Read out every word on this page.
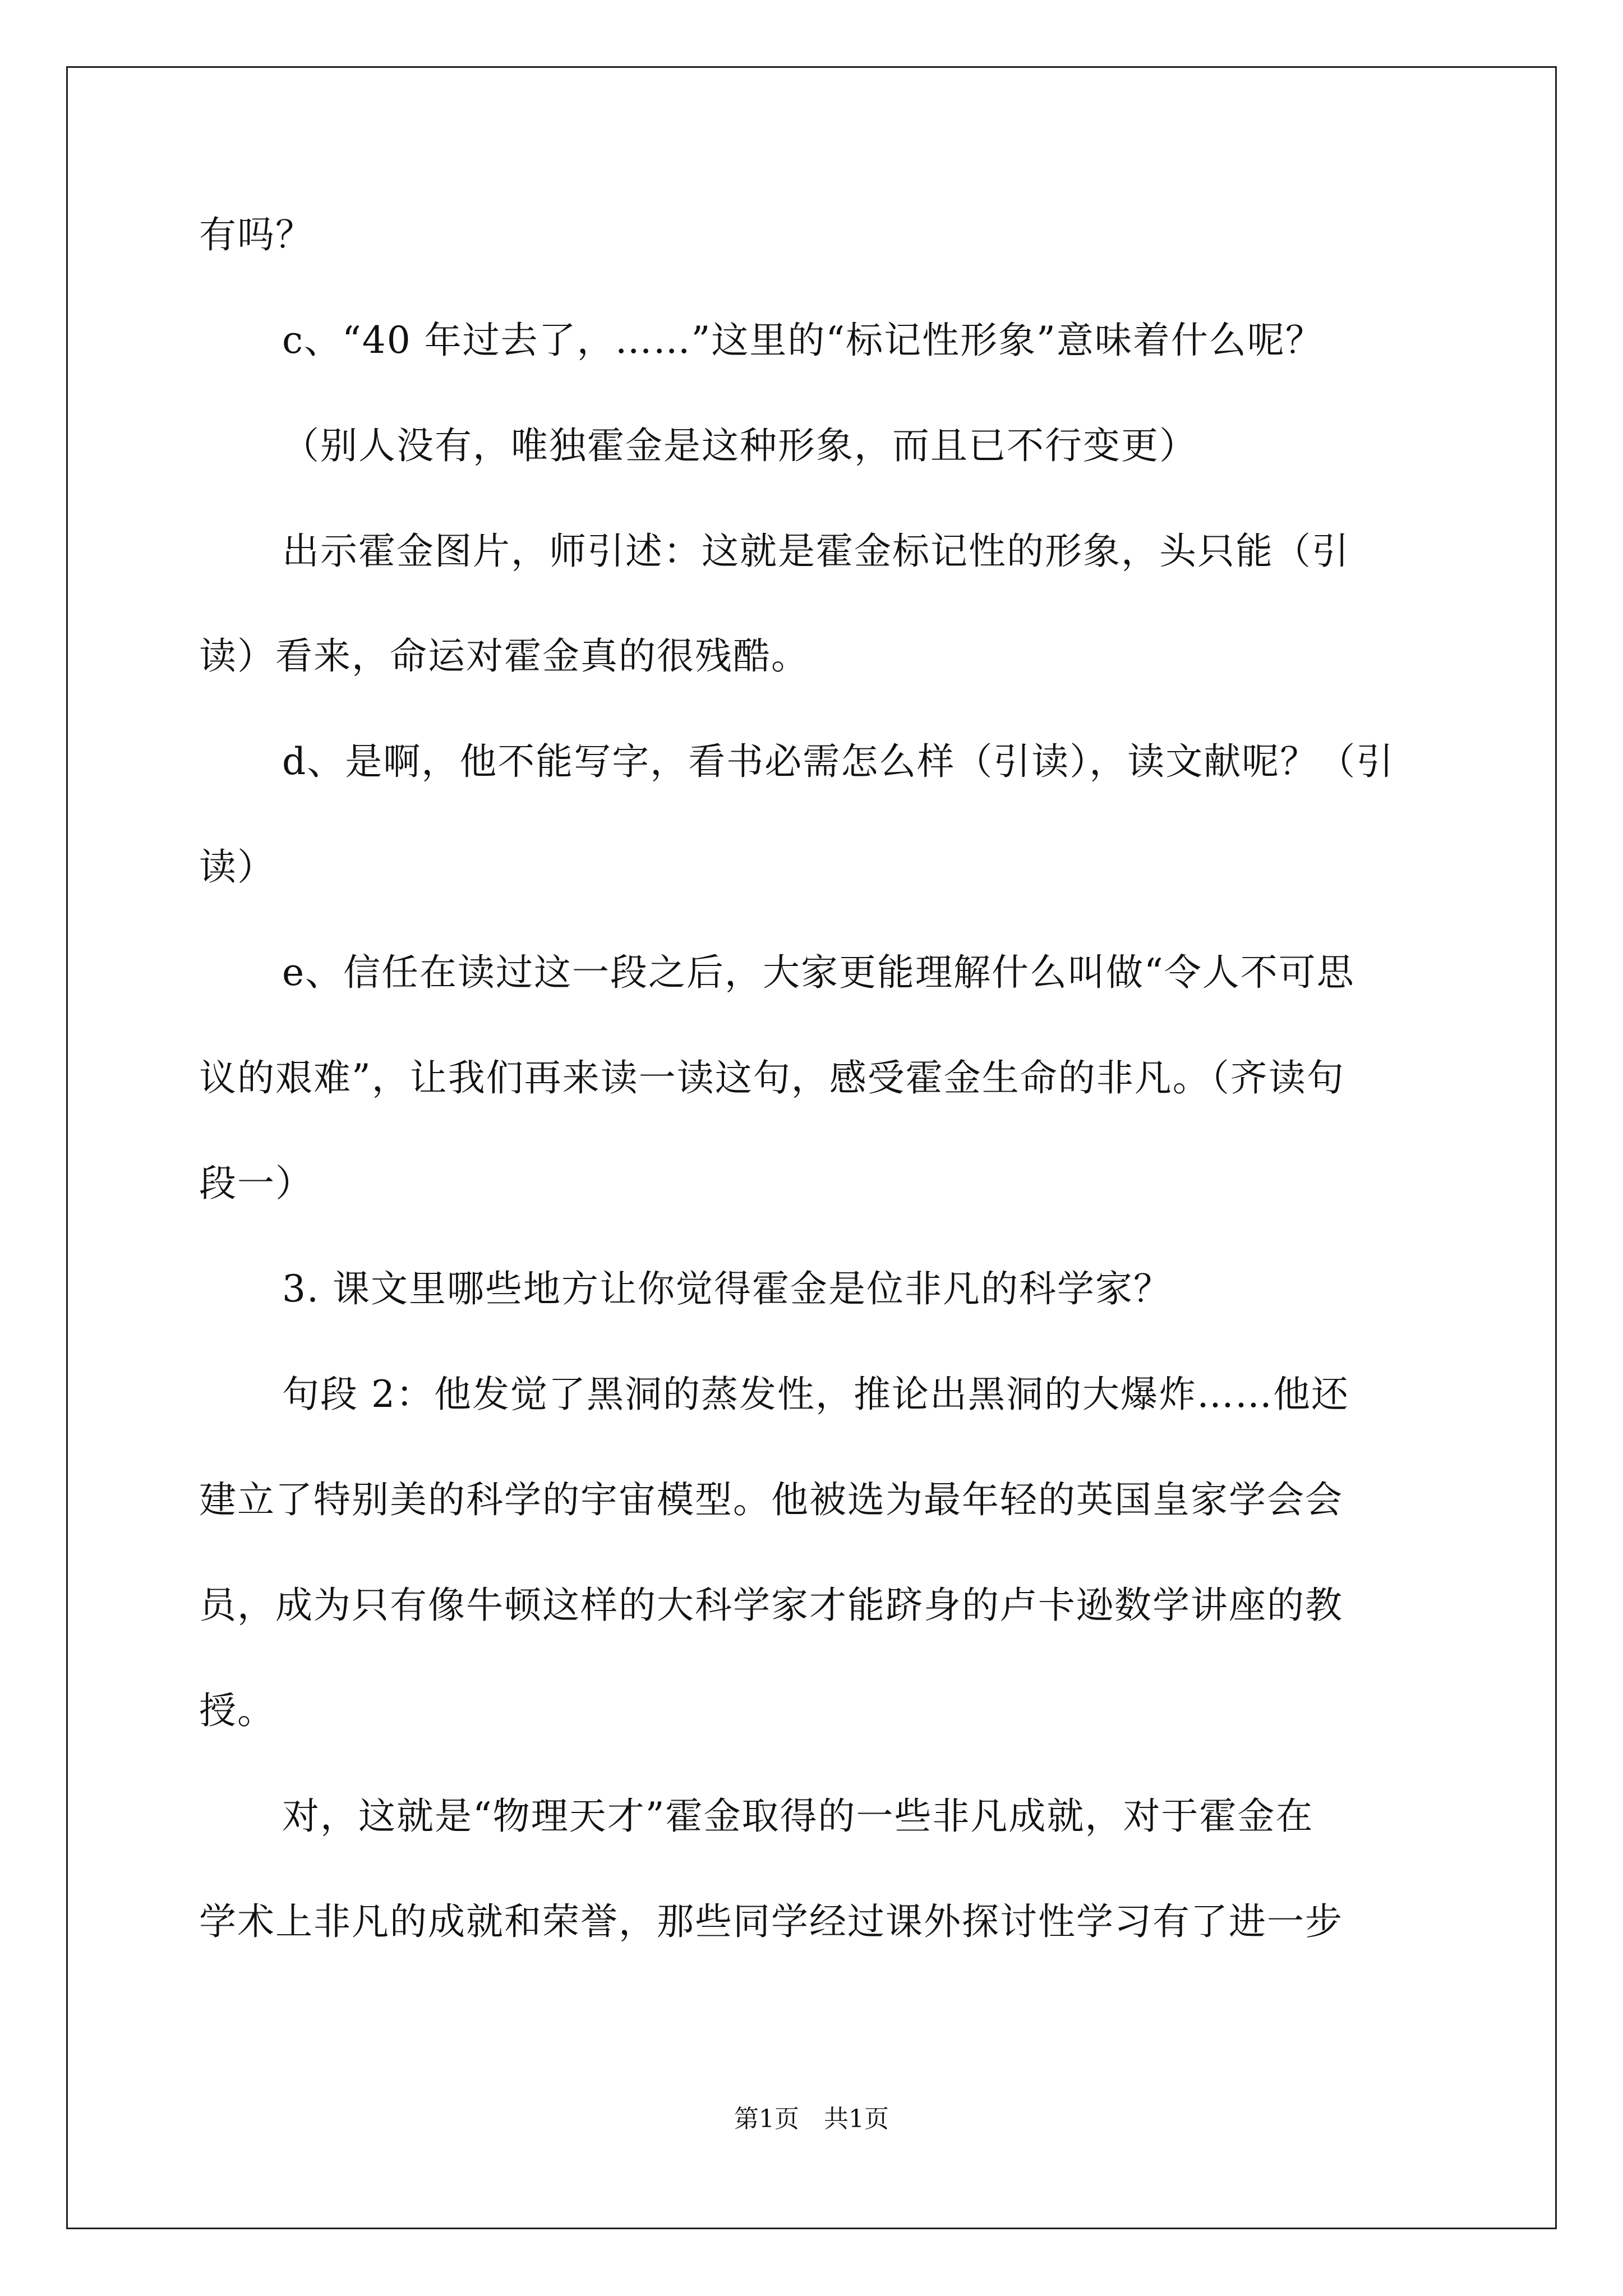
有吗？
c、“40 年过去了，……”这里的“标记性形象”意味着什么呢？
（别人没有，唯独霍金是这种形象，而且已不行变更）
出示霍金图片，师引述：这就是霍金标记性的形象，头只能（引
读）看来，命运对霍金真的很残酷。
d、是啊，他不能写字，看书必需怎么样（引读），读文献呢？（引
读）
e、信任在读过这一段之后，大家更能理解什么叫做“令人不可思
议的艰难”，让我们再来读一读这句，感受霍金生命的非凡。（齐读句
段一）
3. 课文里哪些地方让你觉得霍金是位非凡的科学家？
句段 2：他发觉了黑洞的蒸发性，推论出黑洞的大爆炸……他还
建立了特别美的科学的宇宙模型。他被选为最年轻的英国皇家学会会
员，成为只有像牛顿这样的大科学家才能跻身的卢卡逊数学讲座的教
授。
对，这就是“物理天才”霍金取得的一些非凡成就，对于霍金在
学术上非凡的成就和荣誉，那些同学经过课外探讨性学习有了进一步
第1页　共1页
